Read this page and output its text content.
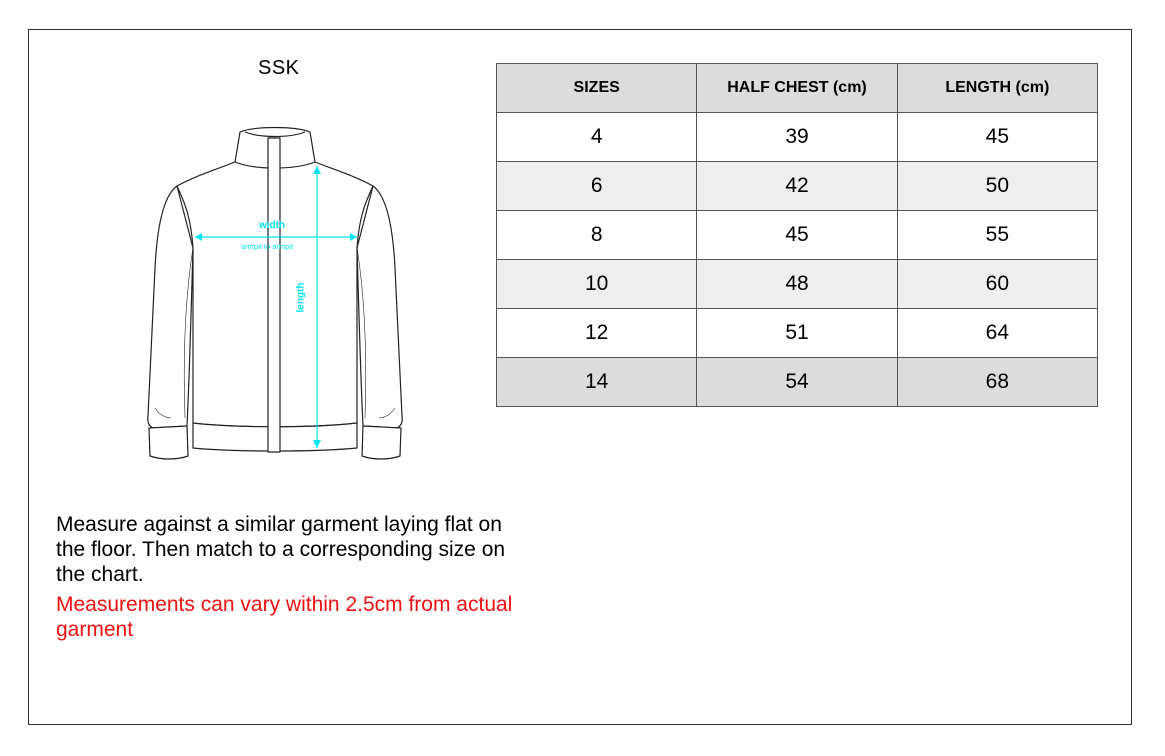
SSK
width
armpit to armpit
length
SIZES	HALF CHEST (cm)	LENGTH (cm)
4	39	45
6	42	50
8	45	55
10	48	60
12	51	64
14	54	68

Measure against a similar garment laying flat on the floor. Then match to a corresponding size on the chart.

Measurements can vary within 2.5cm from actual garment
